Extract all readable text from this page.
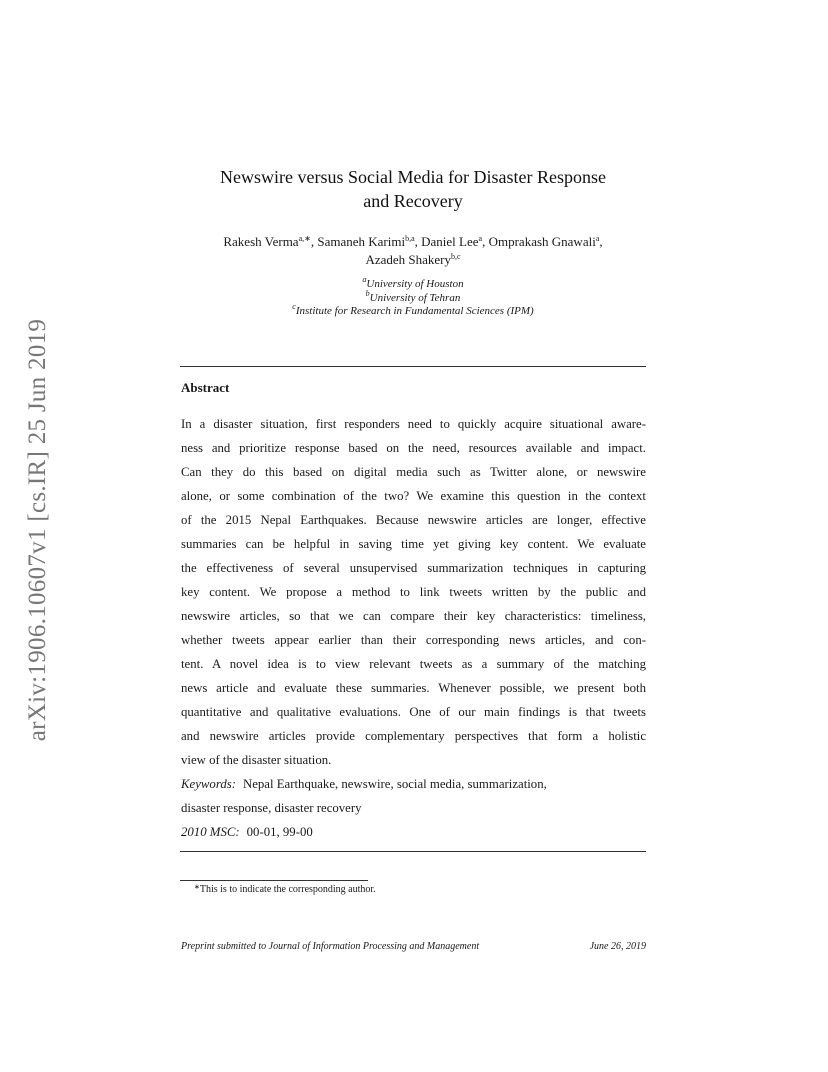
arXiv:1906.10607v1 [cs.IR] 25 Jun 2019
Newswire versus Social Media for Disaster Response
and Recovery
Rakesh Verma$^{a,∗}$, Samaneh Karimi$^{b,a}$, Daniel Lee$^a$, Omprakash Gnawali$^a$,
Azadeh Shakery$^{b,c}$
$^a$University of Houston
$^b$University of Tehran
$^c$Institute for Research in Fundamental Sciences (IPM)
Abstract
In a disaster situation, first responders need to quickly acquire situational aware-
ness and prioritize response based on the need, resources available and impact.
Can they do this based on digital media such as Twitter alone, or newswire
alone, or some combination of the two? We examine this question in the context
of the 2015 Nepal Earthquakes. Because newswire articles are longer, effective
summaries can be helpful in saving time yet giving key content. We evaluate
the effectiveness of several unsupervised summarization techniques in capturing
key content. We propose a method to link tweets written by the public and
newswire articles, so that we can compare their key characteristics: timeliness,
whether tweets appear earlier than their corresponding news articles, and con-
tent. A novel idea is to view relevant tweets as a summary of the matching
news article and evaluate these summaries. Whenever possible, we present both
quantitative and qualitative evaluations. One of our main findings is that tweets
and newswire articles provide complementary perspectives that form a holistic
view of the disaster situation.
Keywords: Nepal Earthquake, newswire, social media, summarization,
disaster response, disaster recovery
2010 MSC: 00-01, 99-00
∗This is to indicate the corresponding author.
Preprint submitted to Journal of Information Processing and Management	June 26, 2019
